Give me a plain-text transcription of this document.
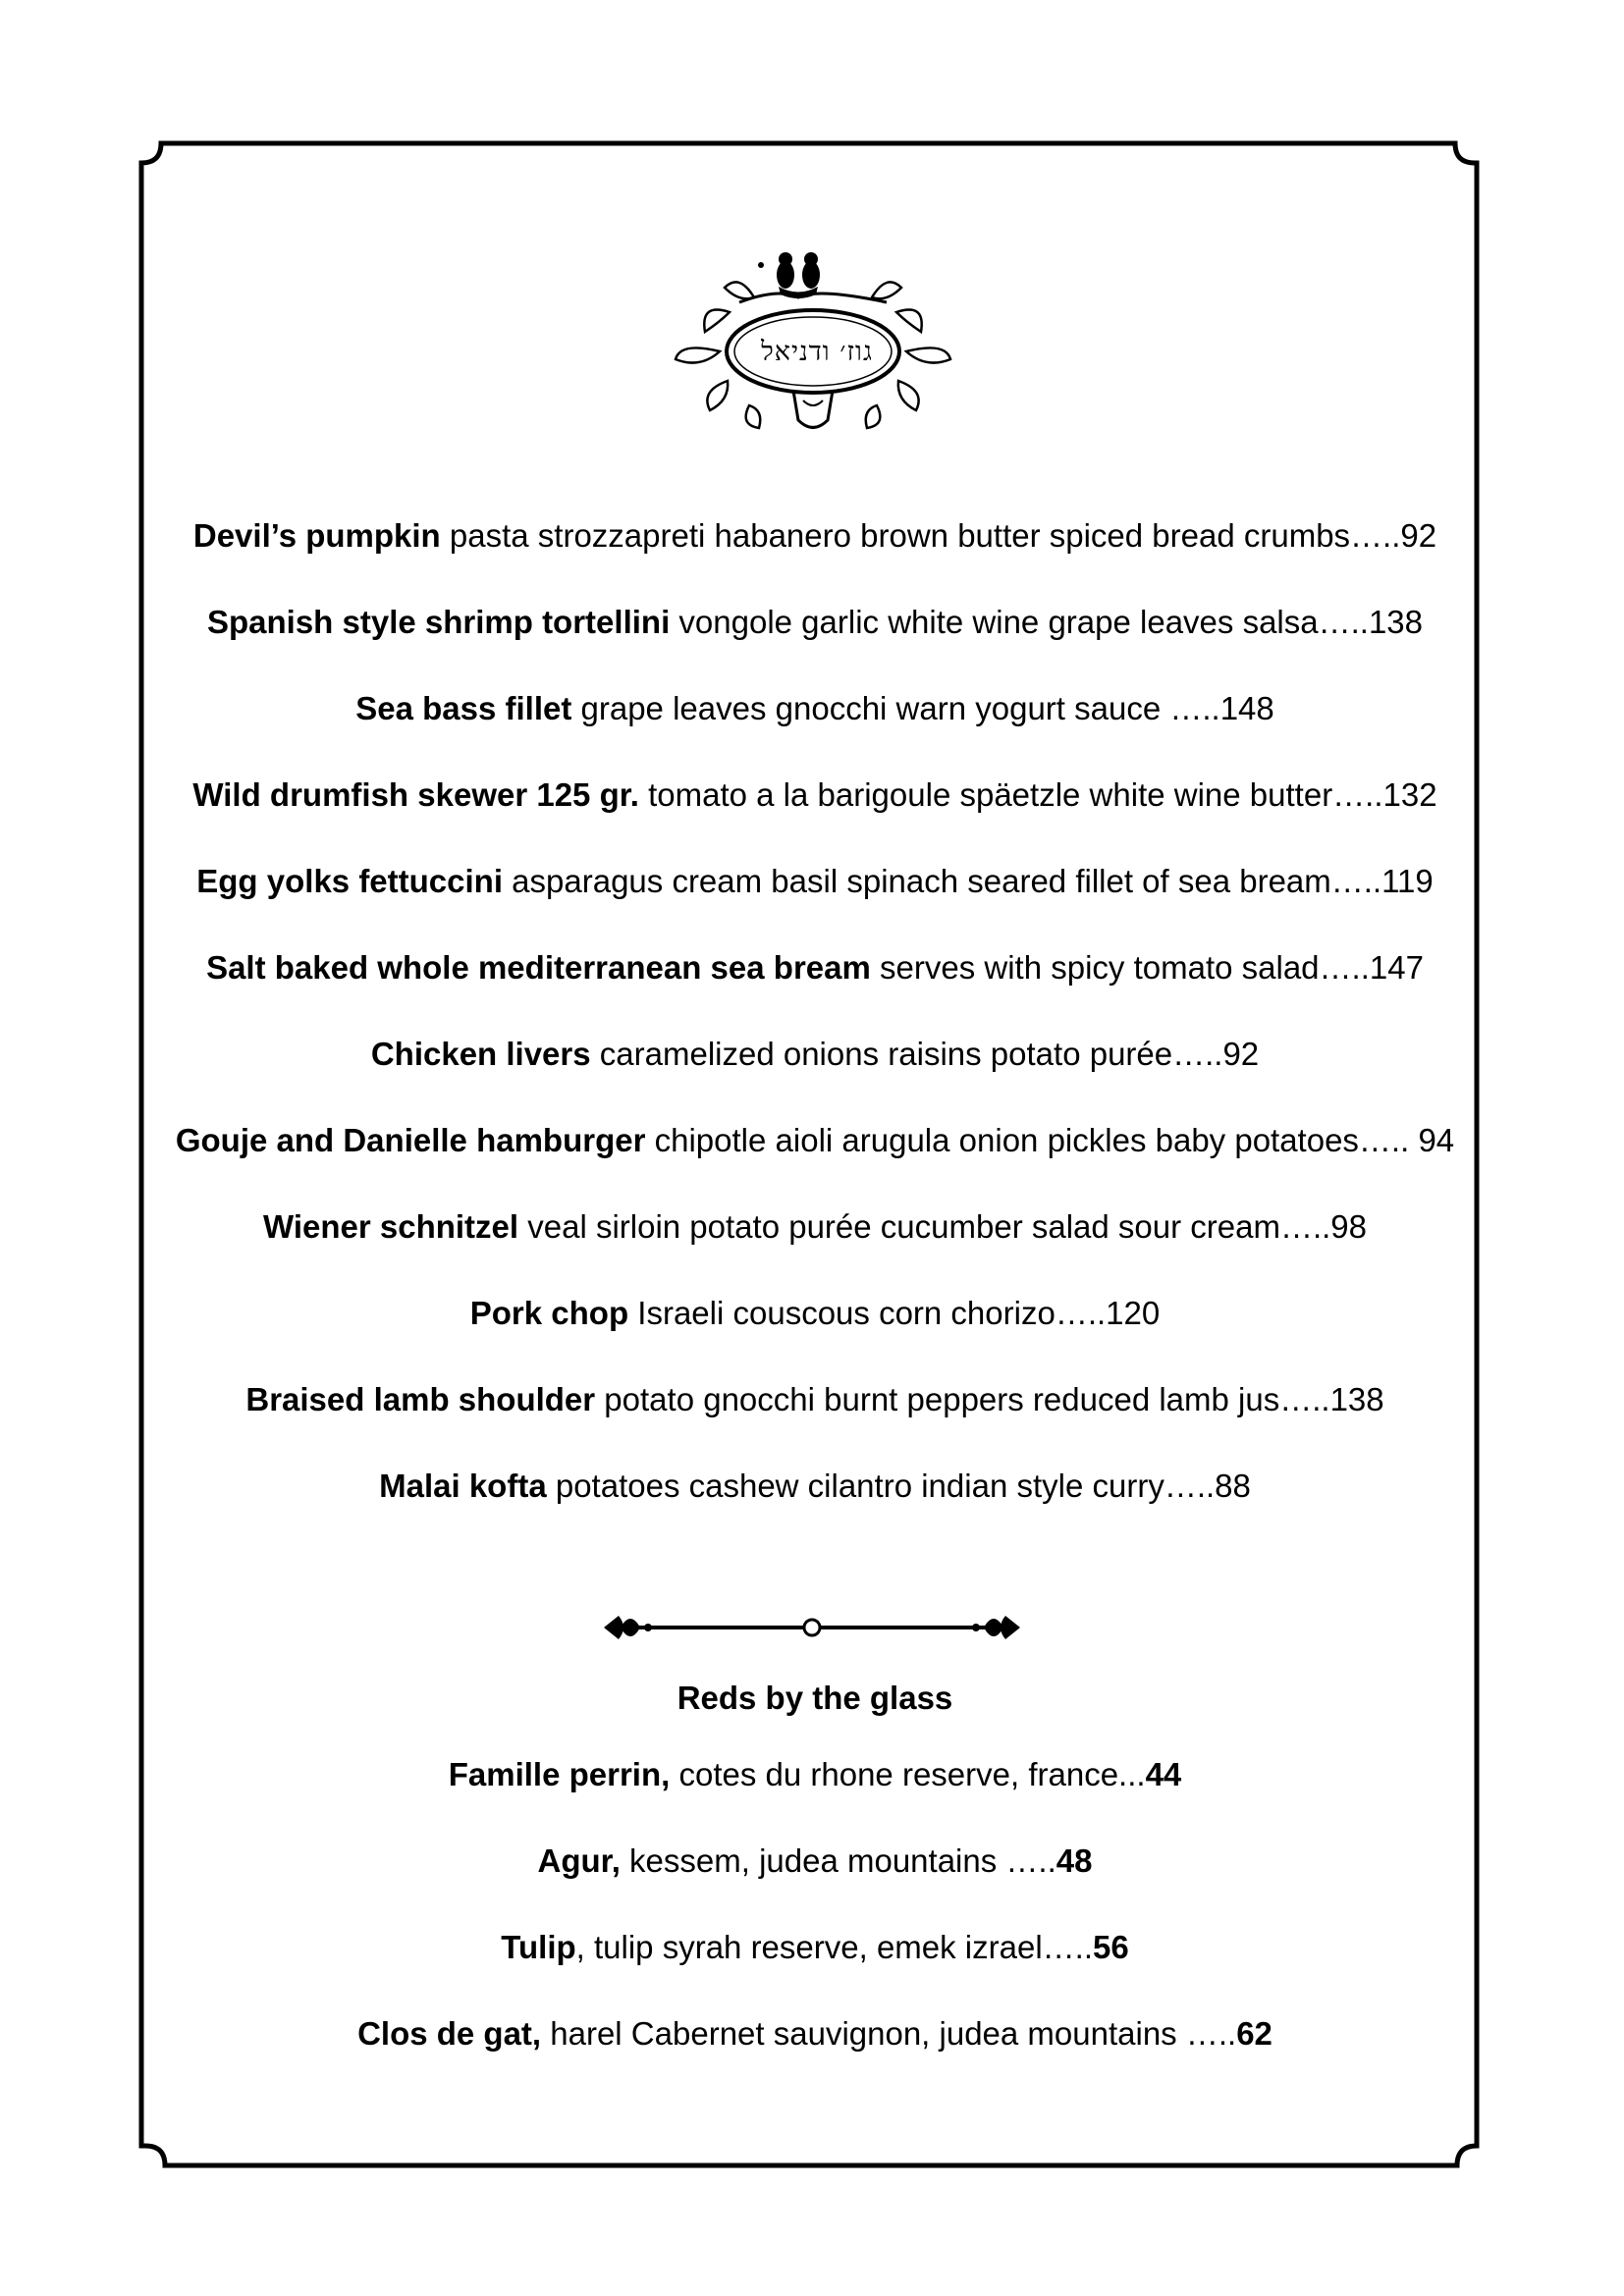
גוז׳ ודניאל
Devil’s pumpkin pasta strozzapreti habanero brown butter spiced bread crumbs…..92
Spanish style shrimp tortellini vongole garlic white wine grape leaves salsa…..138
Sea bass fillet grape leaves gnocchi warn yogurt sauce …..148
Wild drumfish skewer 125 gr. tomato a la barigoule späetzle white wine butter…..132
Egg yolks fettuccini asparagus cream basil spinach seared fillet of sea bream…..119
Salt baked whole mediterranean sea bream serves with spicy tomato salad…..147
Chicken livers caramelized onions raisins potato purée…..92
Gouje and Danielle hamburger chipotle aioli arugula onion pickles baby potatoes….. 94
Wiener schnitzel veal sirloin potato purée cucumber salad sour cream…..98
Pork chop Israeli couscous corn chorizo…..120
Braised lamb shoulder potato gnocchi burnt peppers reduced lamb jus…..138
Malai kofta potatoes cashew cilantro indian style curry…..88
Reds by the glass
Famille perrin, cotes du rhone reserve, france...44
Agur, kessem, judea mountains …..48
Tulip, tulip syrah reserve, emek izrael…..56
Clos de gat, harel Cabernet sauvignon, judea mountains …..62
